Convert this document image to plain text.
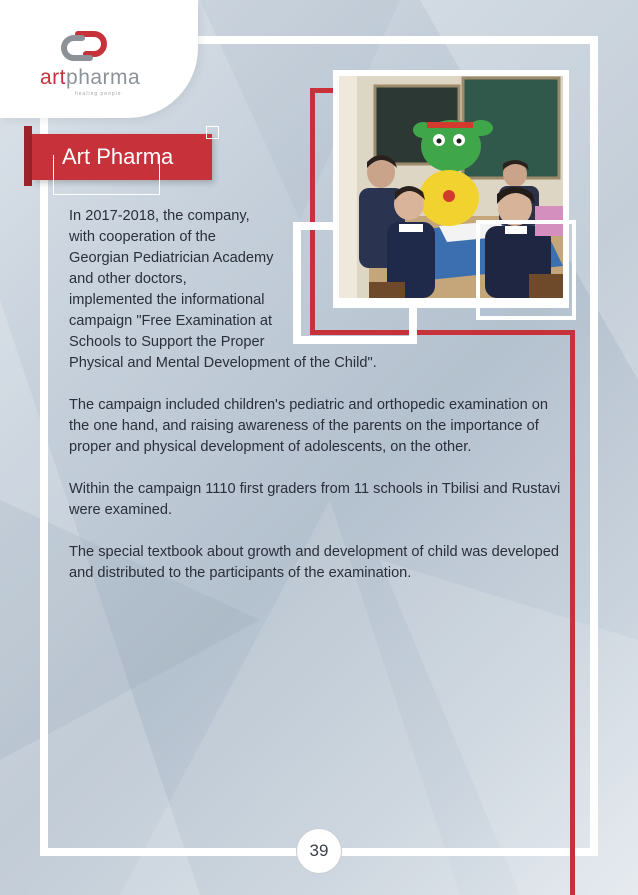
artpharma
healing people
Art Pharma

In 2017-2018, the company,
with cooperation of the
Georgian Pediatrician Academy
and other doctors,
implemented the informational
campaign "Free Examination at
Schools to Support the Proper
Physical and Mental Development of the Child".

The campaign included children's pediatric and orthopedic examination on the one hand, and raising awareness of the parents on the importance of proper and physical development of adolescents, on the other.

Within the campaign 1110 first graders from 11 schools in Tbilisi and Rustavi were examined.

The special textbook about growth and development of child was developed and distributed to the participants of the examination.

39
